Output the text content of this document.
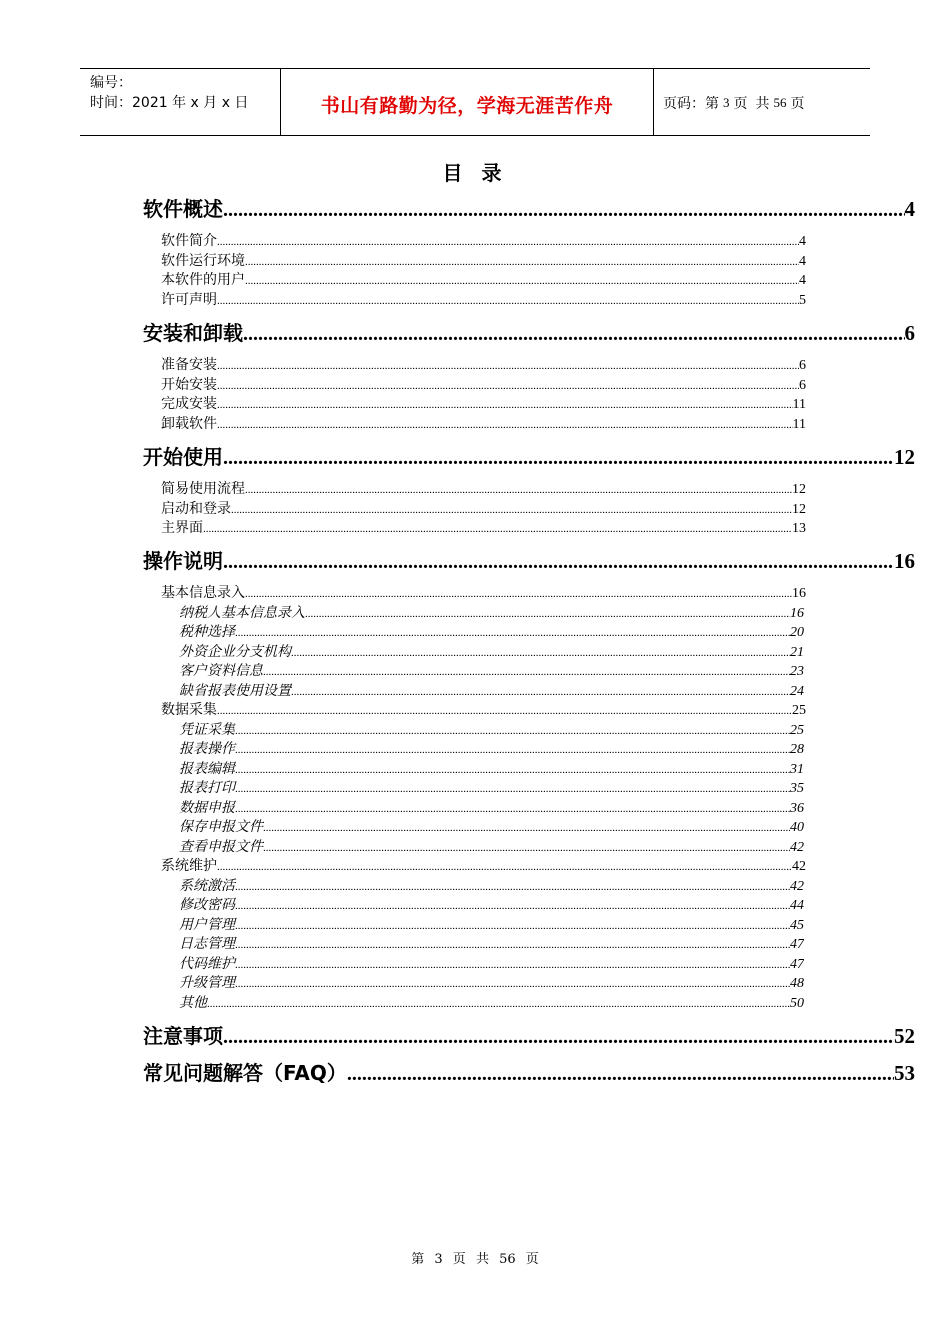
编号：
时间：2021 年 x 月 x 日	书山有路勤为径，学海无涯苦作舟	页码：第 3 页 共 56 页
目 录
软件概述 .....	4
软件简介 .....	4
软件运行环境 .....	4
本软件的用户 .....	4
许可声明 .....	5
安装和卸载 .....	6
准备安装 .....	6
开始安装 .....	6
完成安装 .....	11
卸载软件 .....	11
开始使用 .....	12
简易使用流程 .....	12
启动和登录 .....	12
主界面 .....	13
操作说明 .....	16
基本信息录入 .....	16
纳税人基本信息录入 .....	16
税种选择 .....	20
外资企业分支机构 .....	21
客户资料信息 .....	23
缺省报表使用设置 .....	24
数据采集 .....	25
凭证采集 .....	25
报表操作 .....	28
报表编辑 .....	31
报表打印 .....	35
数据申报 .....	36
保存申报文件 .....	40
查看申报文件 .....	42
系统维护 .....	42
系统激活 .....	42
修改密码 .....	44
用户管理 .....	45
日志管理 .....	47
代码维护 .....	47
升级管理 .....	48
其他 .....	50
注意事项 .....	52
常见问题解答（FAQ） .....	53
第 3 页 共 56 页
